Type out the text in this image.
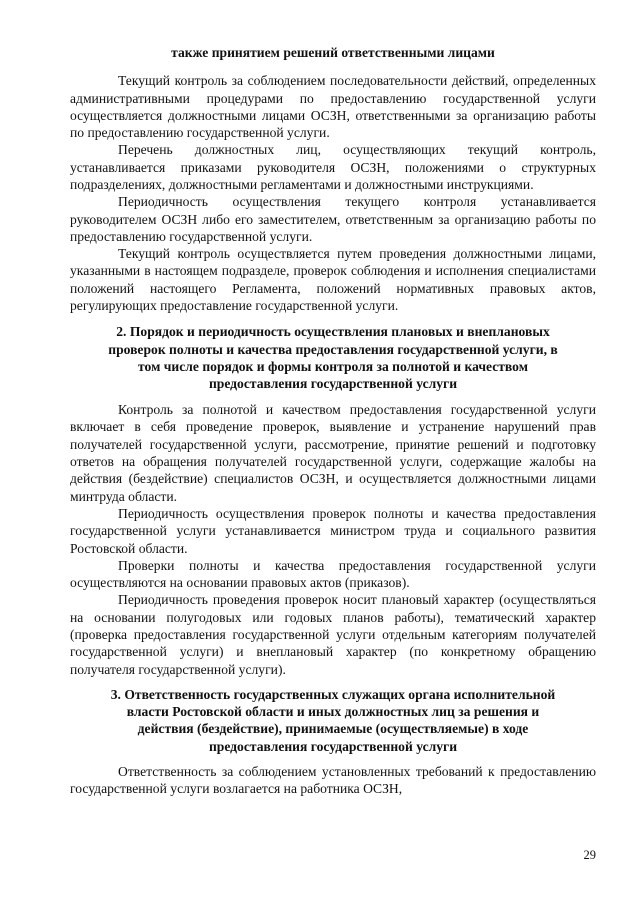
также принятием решений ответственными лицами

Текущий контроль за соблюдением последовательности действий, определенных административными процедурами по предоставлению государственной услуги осуществляется должностными лицами ОСЗН, ответственными за организацию работы по предоставлению государственной услуги.

Перечень должностных лиц, осуществляющих текущий контроль, устанавливается приказами руководителя ОСЗН, положениями о структурных подразделениях, должностными регламентами и должностными инструкциями.

Периодичность осуществления текущего контроля устанавливается руководителем ОСЗН либо его заместителем, ответственным за организацию работы по предоставлению государственной услуги.

Текущий контроль осуществляется путем проведения должностными лицами, указанными в настоящем подразделе, проверок соблюдения и исполнения специалистами положений настоящего Регламента, положений нормативных правовых актов, регулирующих предоставление государственной услуги.

2. Порядок и периодичность осуществления плановых и внеплановых
проверок полноты и качества предоставления государственной услуги, в
том числе порядок и формы контроля за полнотой и качеством
предоставления государственной услуги

Контроль за полнотой и качеством предоставления государственной услуги включает в себя проведение проверок, выявление и устранение нарушений прав получателей государственной услуги, рассмотрение, принятие решений и подготовку ответов на обращения получателей государственной услуги, содержащие жалобы на действия (бездействие) специалистов ОСЗН, и осуществляется должностными лицами минтруда области.

Периодичность осуществления проверок полноты и качества предоставления государственной услуги устанавливается министром труда и социального развития Ростовской области.

Проверки полноты и качества предоставления государственной услуги осуществляются на основании правовых актов (приказов).

Периодичность проведения проверок носит плановый характер (осуществляться на основании полугодовых или годовых планов работы), тематический характер (проверка предоставления государственной услуги отдельным категориям получателей государственной услуги) и внеплановый характер (по конкретному обращению получателя государственной услуги).

3. Ответственность государственных служащих органа исполнительной
власти Ростовской области и иных должностных лиц за решения и
действия (бездействие), принимаемые (осуществляемые) в ходе
предоставления государственной услуги

Ответственность за соблюдением установленных требований к предоставлению государственной услуги возлагается на работника ОСЗН,

29
